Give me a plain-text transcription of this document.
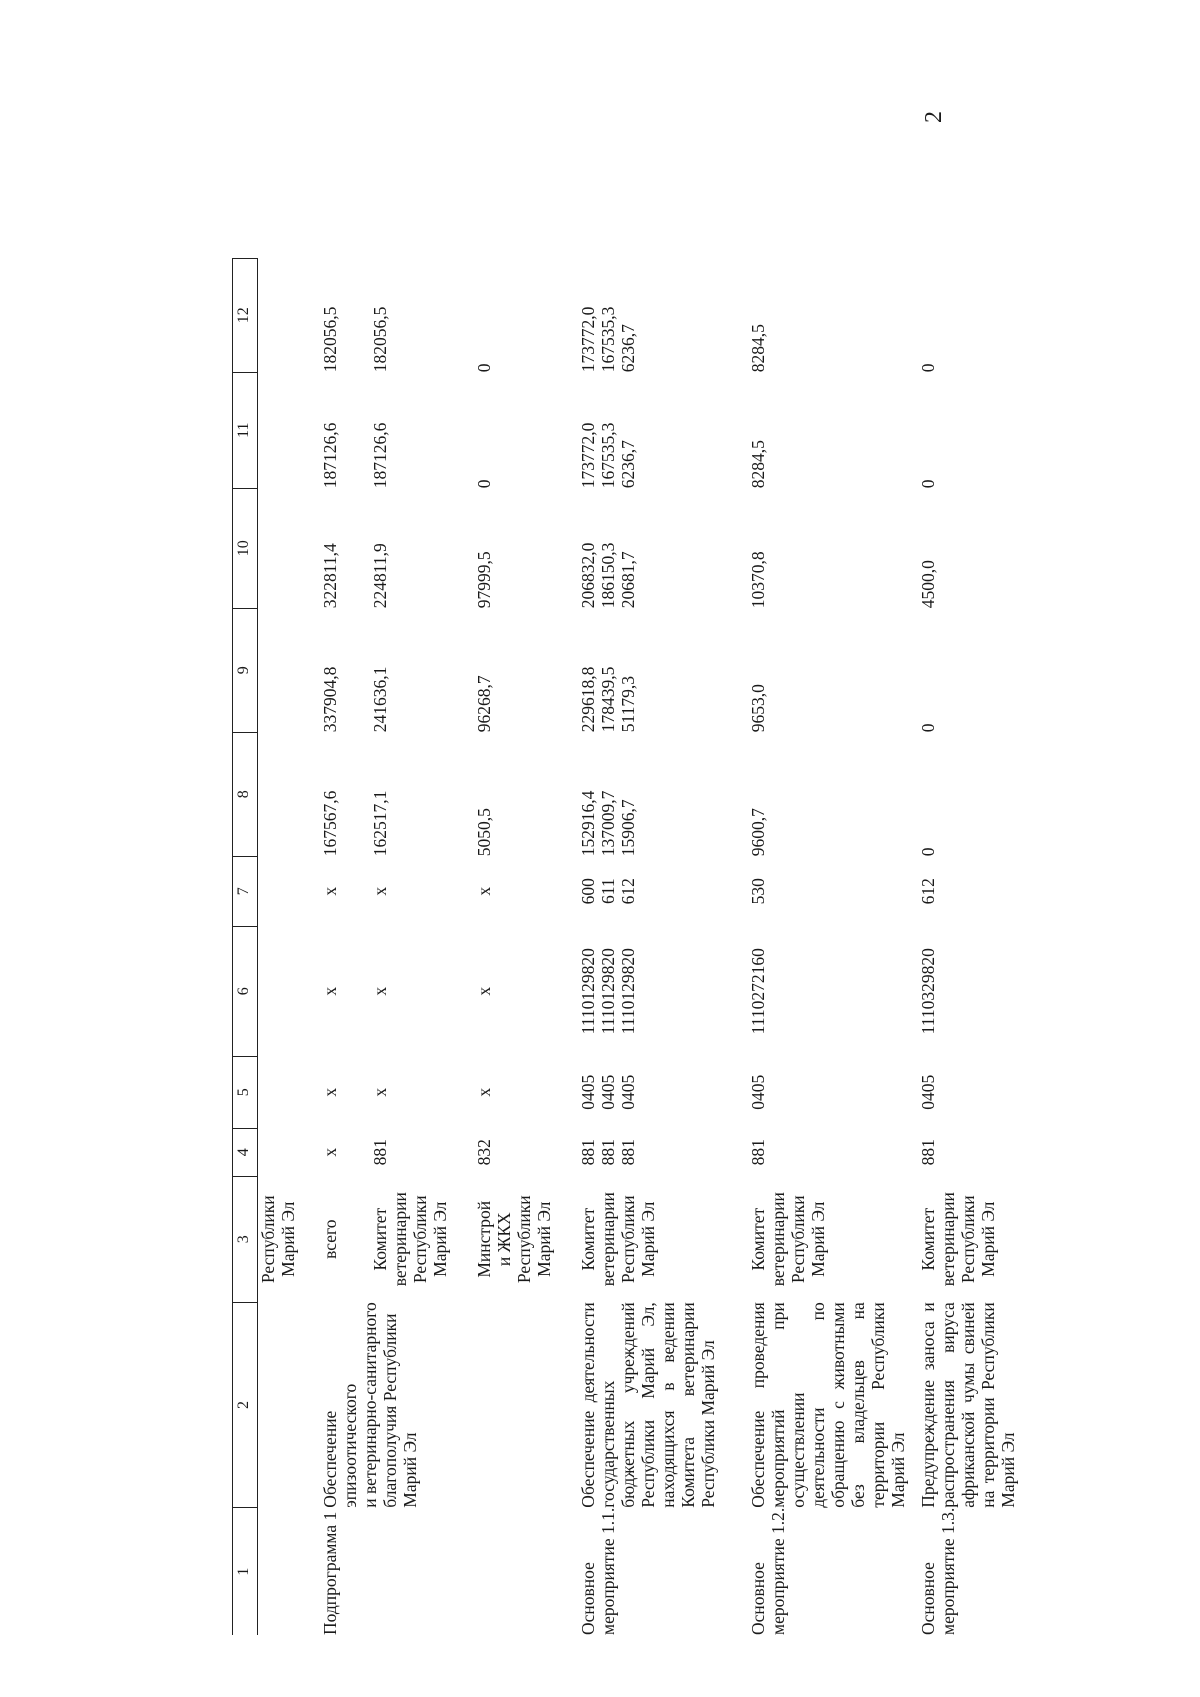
2
1	2	3	4	5	6	7	8	9	10	11	12
		Республики
Марий Эл									
Подпрограмма 1	Обеспечение
эпизоотического
и ветеринарно-санитарного
благополучия Республики
Марий Эл	всего	х	х	х	х	167567,6	337904,8	322811,4	187126,6	182056,5
		Комитет
ветеринарии
Республики
Марий Эл	881	х	х	х	162517,1	241636,1	224811,9	187126,6	182056,5
		Минстрой
и ЖКХ
Республики
Марий Эл	832	х	х	х	5050,5	96268,7	97999,5	0	0
Основное
мероприятие 1.1.	Обеспечение деятельности государственных бюджетных учреждений Республики Марий Эл, находящихся в ведении Комитета ветеринарии Республики Марий Эл	Комитет
ветеринарии
Республики
Марий Эл	881
881
881	0405
0405
0405	1110129820
1110129820
1110129820	600
611
612	152916,4
137009,7
15906,7	229618,8
178439,5
51179,3	206832,0
186150,3
20681,7	173772,0
167535,3
6236,7	173772,0
167535,3
6236,7
Основное
мероприятие 1.2.	Обеспечение проведения мероприятий при осуществлении деятельности по обращению с животными без владельцев на территории Республики Марий Эл	Комитет
ветеринарии
Республики
Марий Эл	881	0405	1110272160	530	9600,7	9653,0	10370,8	8284,5	8284,5
Основное
мероприятие 1.3.	Предупреждение заноса и распространения вируса африканской чумы свиней на территории Республики Марий Эл	Комитет
ветеринарии
Республики
Марий Эл	881	0405	1110329820	612	0	0	4500,0	0	0
